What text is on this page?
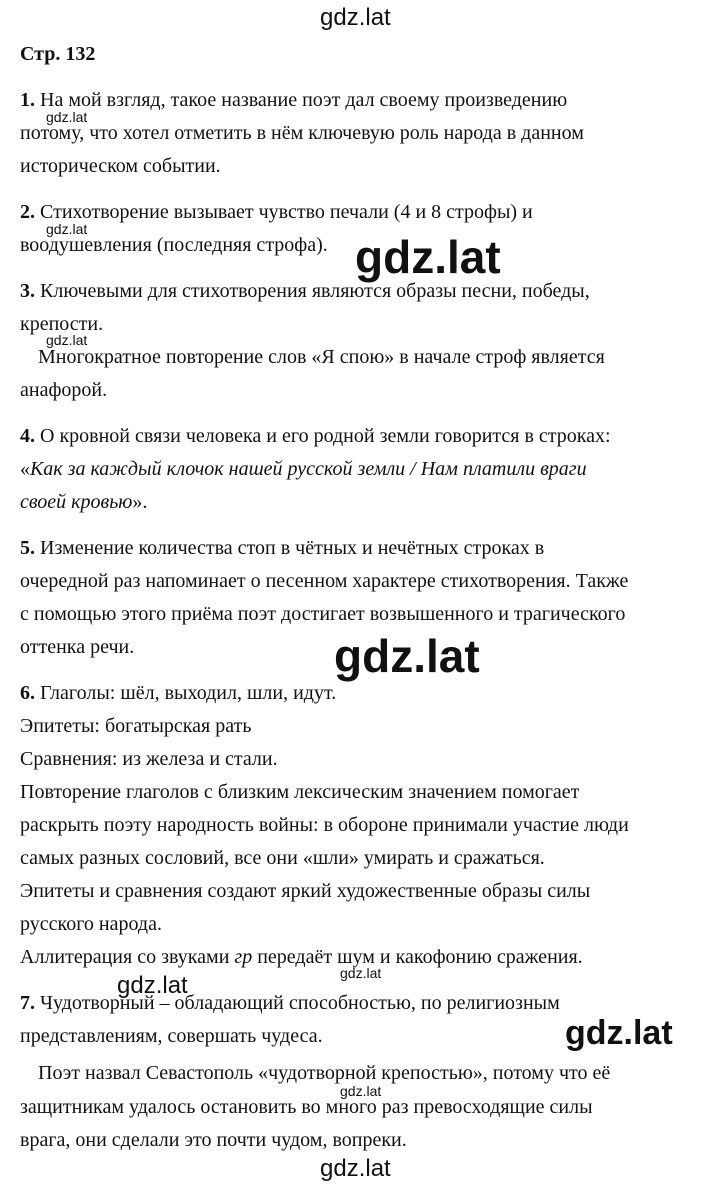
Стр. 132
1. На мой взгляд, такое название поэт дал своему произведению
потому, что хотел отметить в нём ключевую роль народа в данном
историческом событии.
2. Стихотворение вызывает чувство печали (4 и 8 строфы) и
воодушевления (последняя строфа).
3. Ключевыми для стихотворения являются образы песни, победы,
крепости.
Многократное повторение слов «Я спою» в начале строф является
анафорой.
4. О кровной связи человека и его родной земли говорится в строках:
«Как за каждый клочок нашей русской земли / Нам платили враги
своей кровью».
5. Изменение количества стоп в чётных и нечётных строках в
очередной раз напоминает о песенном характере стихотворения. Также
с помощью этого приёма поэт достигает возвышенного и трагического
оттенка речи.
6. Глаголы: шёл, выходил, шли, идут.
Эпитеты: богатырская рать
Сравнения: из железа и стали.
Повторение глаголов с близким лексическим значением помогает
раскрыть поэту народность войны: в обороне принимали участие люди
самых разных сословий, все они «шли» умирать и сражаться.
Эпитеты и сравнения создают яркий художественные образы силы
русского народа.
Аллитерация со звуками гр передаёт шум и какофонию сражения.
7. Чудотворный – обладающий способностью, по религиозным
представлениям, совершать чудеса.
Поэт назвал Севастополь «чудотворной крепостью», потому что её
защитникам удалось остановить во много раз превосходящие силы
врага, они сделали это почти чудом, вопреки.
gdz.lat
gdz.lat
gdz.lat
gdz.lat
gdz.lat
gdz.lat
gdz.lat	gdz.lat
gdz.lat
gdz.lat
gdz.lat
